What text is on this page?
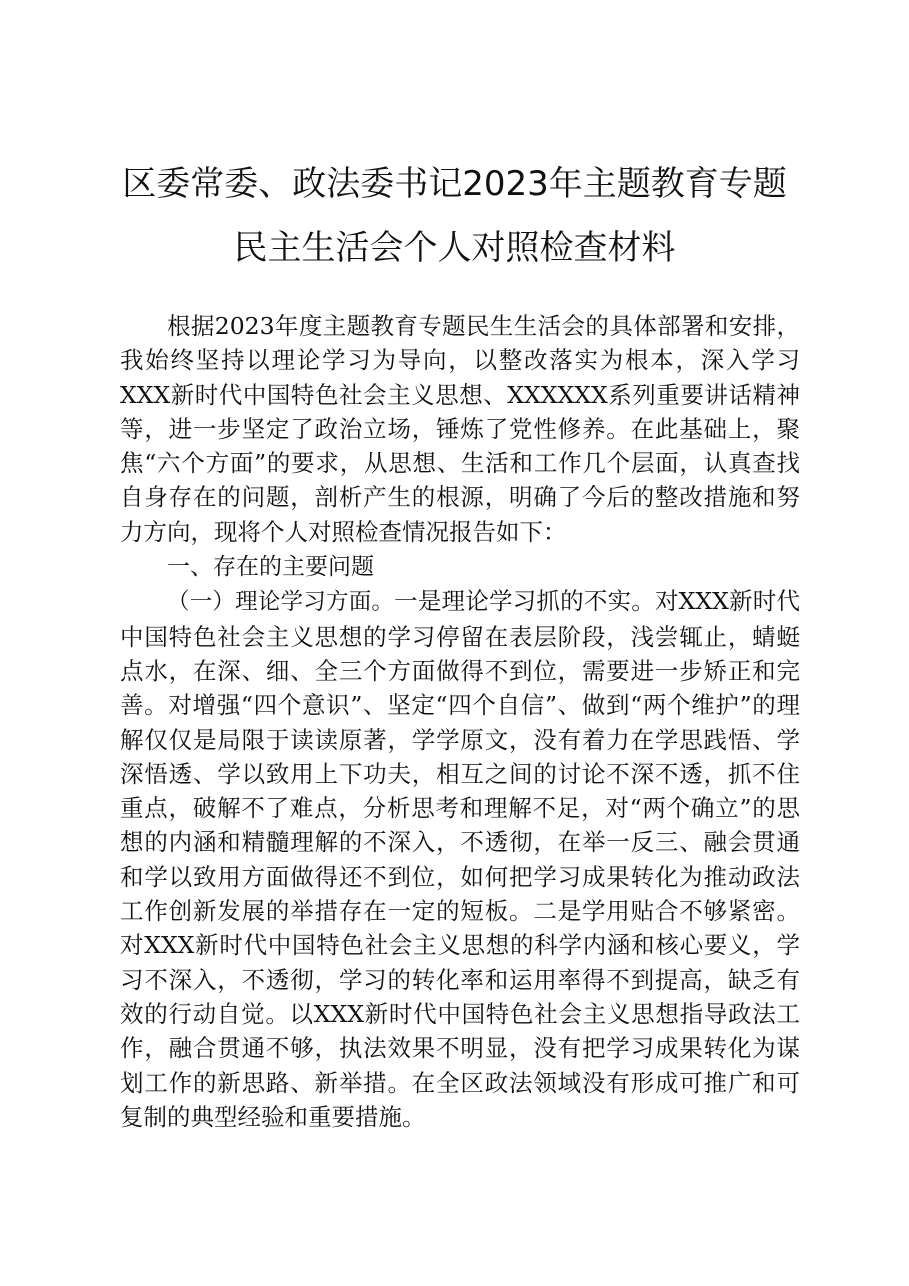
区委常委、政法委书记2023年主题教育专题
民主生活会个人对照检查材料

根据2023年度主题教育专题民生生活会的具体部署和安排，我始终坚持以理论学习为导向，以整改落实为根本，深入学习XXX新时代中国特色社会主义思想、XXXXXX系列重要讲话精神等，进一步坚定了政治立场，锤炼了党性修养。在此基础上，聚焦“六个方面”的要求，从思想、生活和工作几个层面，认真查找自身存在的问题，剖析产生的根源，明确了今后的整改措施和努力方向，现将个人对照检查情况报告如下：

一、存在的主要问题

（一）理论学习方面。一是理论学习抓的不实。对XXX新时代中国特色社会主义思想的学习停留在表层阶段，浅尝辄止，蜻蜓点水，在深、细、全三个方面做得不到位，需要进一步矫正和完善。对增强“四个意识”、坚定“四个自信”、做到“两个维护”的理解仅仅是局限于读读原著，学学原文，没有着力在学思践悟、学深悟透、学以致用上下功夫，相互之间的讨论不深不透，抓不住重点，破解不了难点，分析思考和理解不足，对“两个确立”的思想的内涵和精髓理解的不深入，不透彻，在举一反三、融会贯通和学以致用方面做得还不到位，如何把学习成果转化为推动政法工作创新发展的举措存在一定的短板。二是学用贴合不够紧密。对XXX新时代中国特色社会主义思想的科学内涵和核心要义，学习不深入，不透彻，学习的转化率和运用率得不到提高，缺乏有效的行动自觉。以XXX新时代中国特色社会主义思想指导政法工作，融合贯通不够，执法效果不明显，没有把学习成果转化为谋划工作的新思路、新举措。在全区政法领域没有形成可推广和可复制的典型经验和重要措施。
